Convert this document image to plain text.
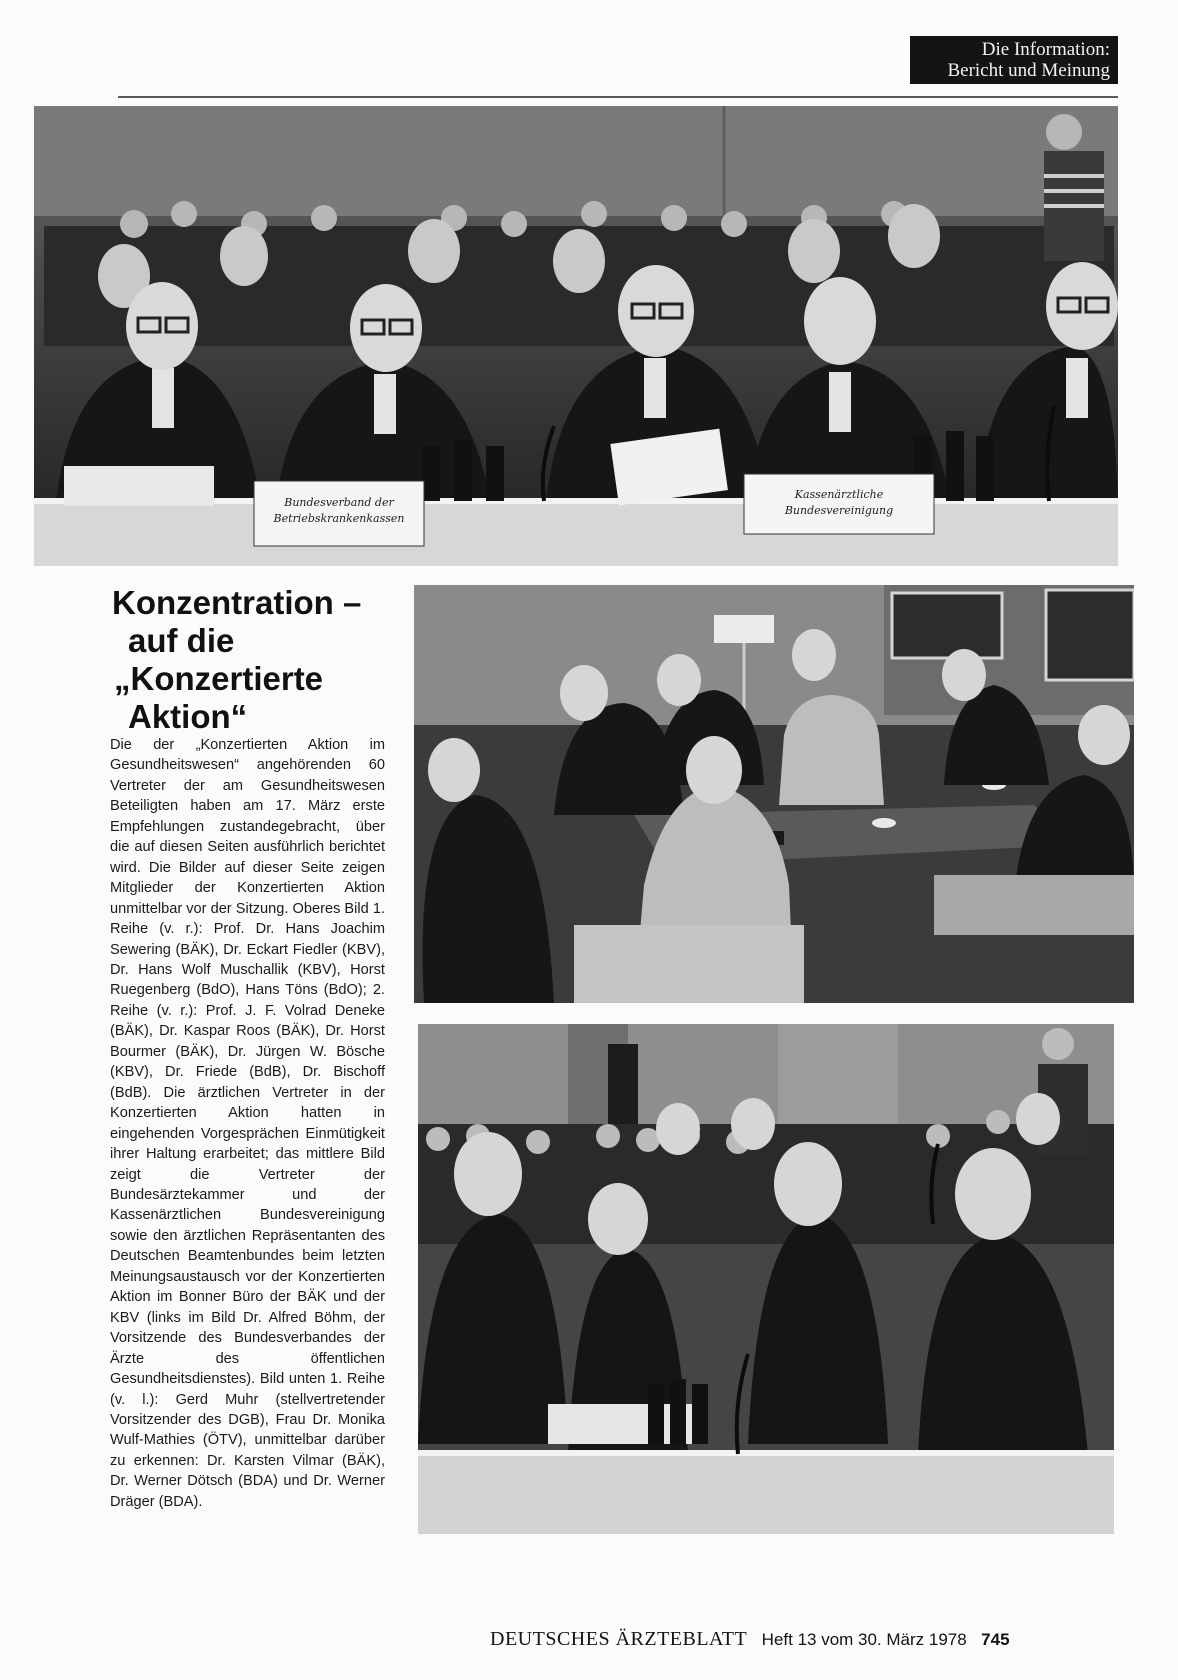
Die Information:
Bericht und Meinung
Bundesverband der
Betriebskrankenkassen
Kassenärztliche
Bundesvereinigung
Konzentration –
auf die
„Konzertierte
Aktion“
Die der „Konzertierten Aktion im Gesundheitswesen“ angehörenden 60 Vertreter der am Gesundheitswesen Beteiligten haben am 17. März erste Empfehlungen zustandegebracht, über die auf diesen Seiten ausführlich berichtet wird. Die Bilder auf dieser Seite zeigen Mitglieder der Konzertierten Aktion unmittelbar vor der Sitzung. Oberes Bild 1. Reihe (v. r.): Prof. Dr. Hans Joachim Sewering (BÄK), Dr. Eckart Fiedler (KBV), Dr. Hans Wolf Muschallik (KBV), Horst Ruegenberg (BdO), Hans Töns (BdO); 2. Reihe (v. r.): Prof. J. F. Volrad Deneke (BÄK), Dr. Kaspar Roos (BÄK), Dr. Horst Bourmer (BÄK), Dr. Jürgen W. Bösche (KBV), Dr. Friede (BdB), Dr. Bischoff (BdB). Die ärztlichen Vertreter in der Konzertierten Aktion hatten in eingehenden Vorgesprächen Einmütigkeit ihrer Haltung erarbeitet; das mittlere Bild zeigt die Vertreter der Bundesärztekammer und der Kassenärztlichen Bundesvereinigung sowie den ärztlichen Repräsentanten des Deutschen Beamtenbundes beim letzten Meinungsaustausch vor der Konzertierten Aktion im Bonner Büro der BÄK und der KBV (links im Bild Dr. Alfred Böhm, der Vorsitzende des Bundesverbandes der Ärzte des öffentlichen Gesundheitsdienstes). Bild unten 1. Reihe (v. l.): Gerd Muhr (stellvertretender Vorsitzender des DGB), Frau Dr. Monika Wulf-Mathies (ÖTV), unmittelbar darüber zu erkennen: Dr. Karsten Vilmar (BÄK), Dr. Werner Dötsch (BDA) und Dr. Werner Dräger (BDA).
DEUTSCHES ÄRZTEBLATT Heft 13 vom 30. März 1978 745
